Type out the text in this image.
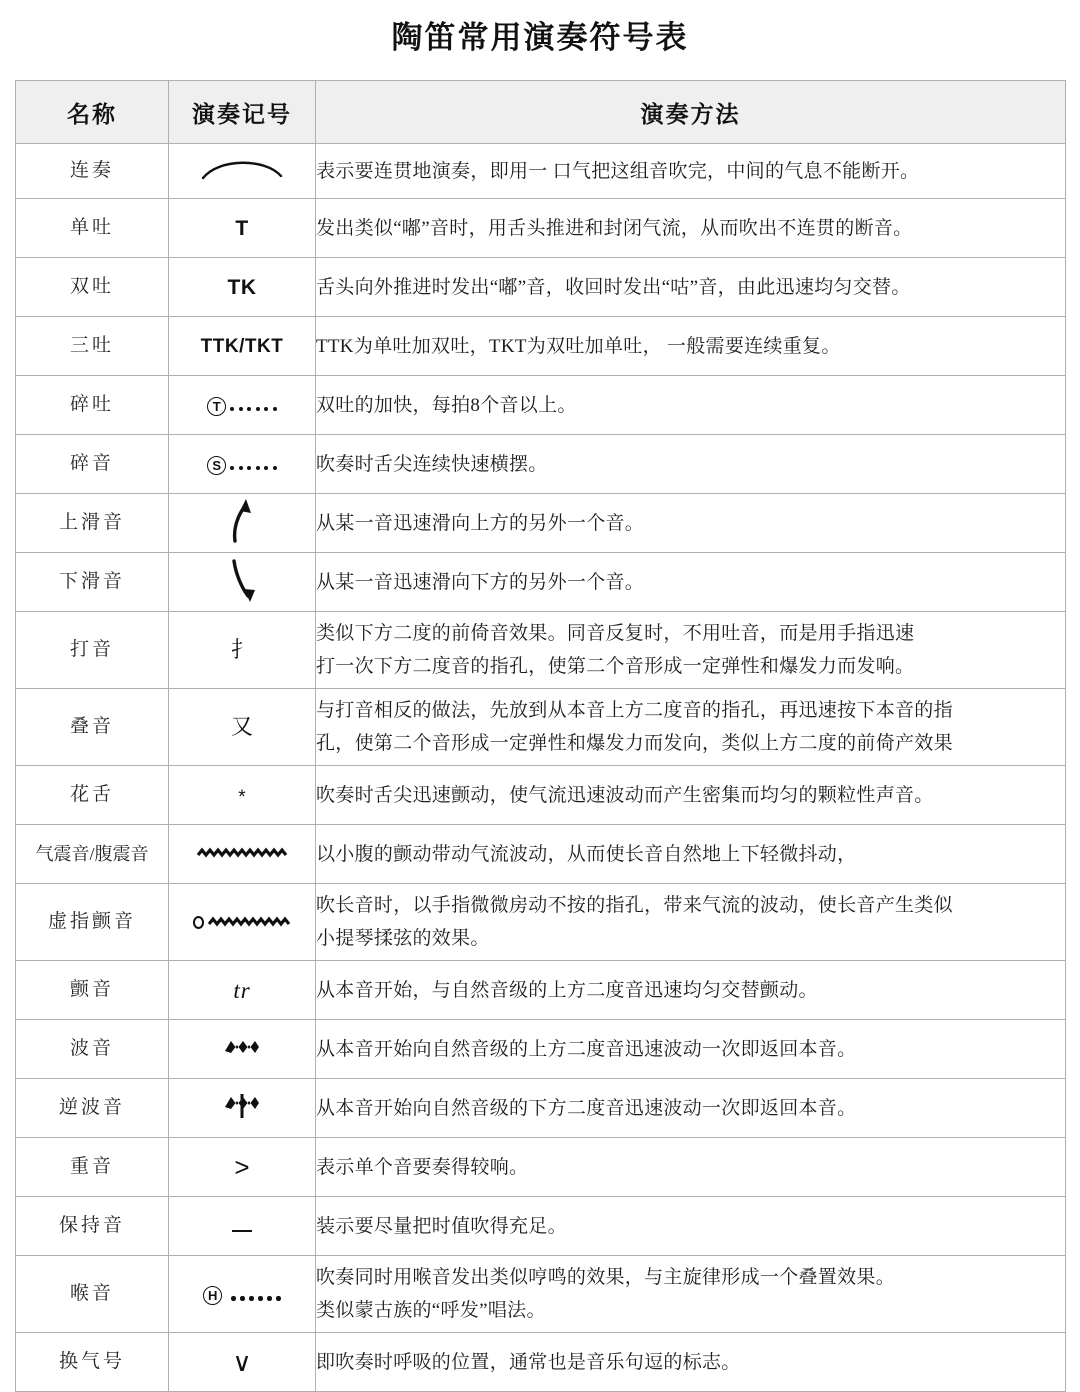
陶笛常用演奏符号表
名称	演奏记号	演奏方法
连奏		表示要连贯地演奏，即用一 口气把这组音吹完，中间的气息不能断开。

单吐	T	发出类似“嘟”音时，用舌头推进和封闭气流，从而吹出不连贯的断音。

双吐	TK	舌头向外推进时发出“嘟”音，收回时发出“咕”音，由此迅速均匀交替。

三吐	TTK/TKT	TTK为单吐加双吐，TKT为双吐加单吐， 一般需要连续重复。

碎吐	T	双吐的加快，每拍8个音以上。

碎音	S	吹奏时舌尖连续快速横摆。

上滑音		从某一音迅速滑向上方的另外一个音。

下滑音		从某一音迅速滑向下方的另外一个音。

打音	扌	类似下方二度的前倚音效果。同音反复时，不用吐音，而是用手指迅速
打一次下方二度音的指孔，使第二个音形成一定弹性和爆发力而发响。

叠音	又	与打音相反的做法，先放到从本音上方二度音的指孔，再迅速按下本音的指
孔，使第二个音形成一定弹性和爆发力而发向，类似上方二度的前倚产效果

花舌	*	吹奏时舌尖迅速颤动，使气流迅速波动而产生密集而均匀的颗粒性声音。

气震音/腹震音		以小腹的颤动带动气流波动，从而使长音自然地上下轻微抖动，

虚指颤音		吹长音时，以手指微微房动不按的指孔，带来气流的波动，使长音产生类似
小提琴揉弦的效果。

颤音	tr	从本音开始，与自然音级的上方二度音迅速均匀交替颤动。

波音		从本音开始向自然音级的上方二度音迅速波动一次即返回本音。

逆波音		从本音开始向自然音级的下方二度音迅速波动一次即返回本音。

重音	>	表示单个音要奏得较响。

保持音		装示要尽量把时值吹得充足。

喉音	H	吹奏同时用喉音发出类似哼鸣的效果，与主旋律形成一个叠置效果。
类似蒙古族的“呼发”唱法。

换气号	∨	即吹奏时呼吸的位置，通常也是音乐句逗的标志。
